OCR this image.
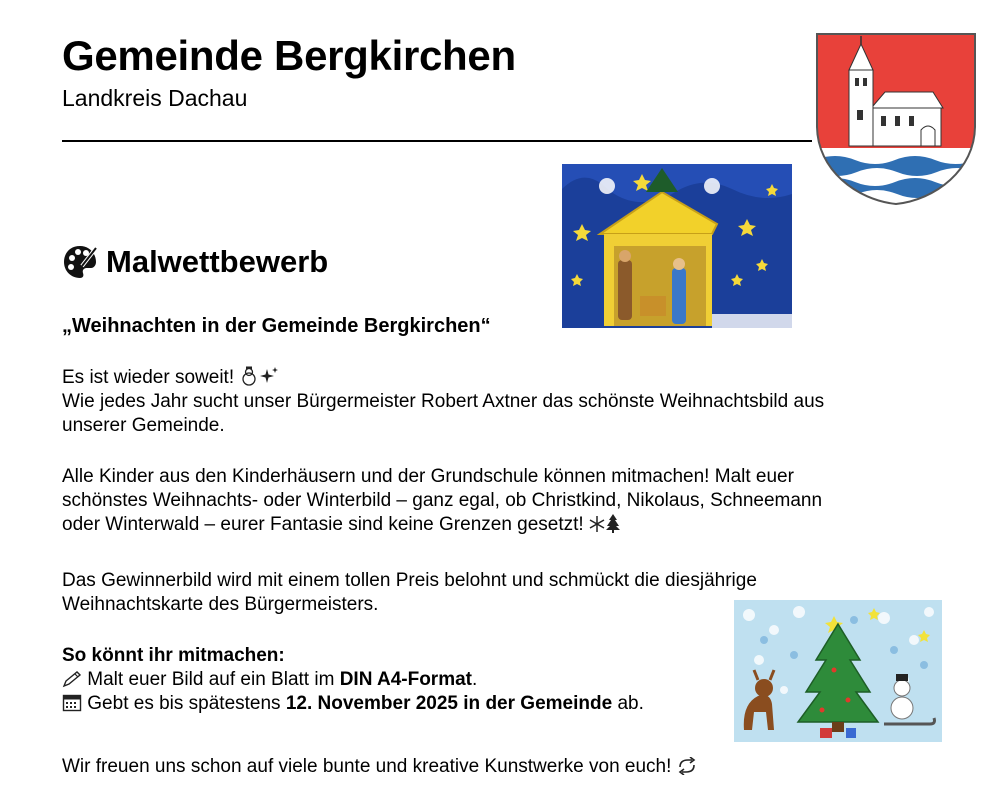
Gemeinde Bergkirchen
Landkreis Dachau
Malwettbewerb
„Weihnachten in der Gemeinde Bergkirchen“
Es ist wieder soweit!
Wie jedes Jahr sucht unser Bürgermeister Robert Axtner das schönste Weihnachtsbild aus
unserer Gemeinde.
Alle Kinder aus den Kinderhäusern und der Grundschule können mitmachen! Malt euer
schönstes Weihnachts- oder Winterbild – ganz egal, ob Christkind, Nikolaus, Schneemann
oder Winterwald – eurer Fantasie sind keine Grenzen gesetzt!
Das Gewinnerbild wird mit einem tollen Preis belohnt und schmückt die diesjährige
Weihnachtskarte des Bürgermeisters.
So könnt ihr mitmachen:
Malt euer Bild auf ein Blatt im DIN A4-Format.
Gebt es bis spätestens 12. November 2025 in der Gemeinde ab.
Wir freuen uns schon auf viele bunte und kreative Kunstwerke von euch!
